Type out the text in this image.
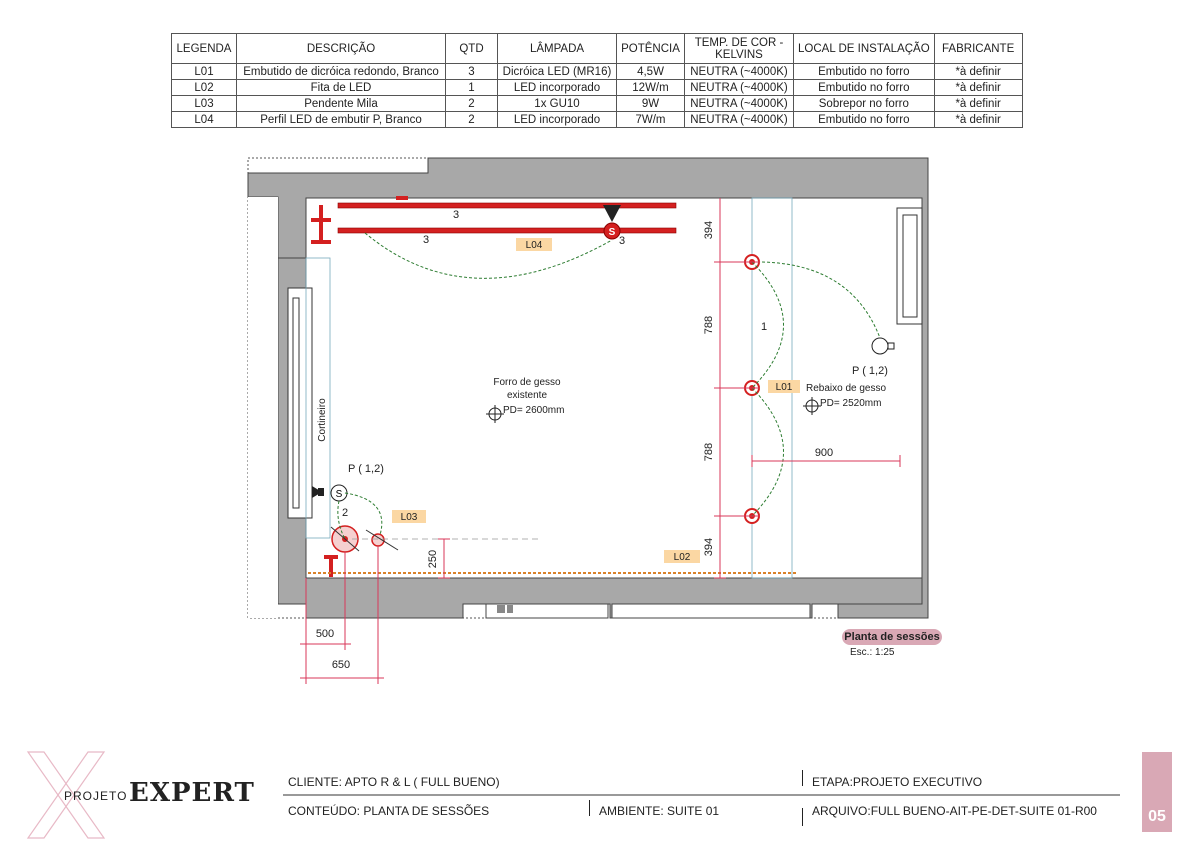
LEGENDA	DESCRIÇÃO	QTD	LÂMPADA	POTÊNCIA	TEMP. DE COR - KELVINS	LOCAL DE INSTALAÇÃO	FABRICANTE
L01	Embutido de dicróica redondo, Branco	3	Dicróica LED (MR16)	4,5W	NEUTRA (~4000K)	Embutido no forro	*à definir
L02	Fita de LED	1	LED incorporado	12W/m	NEUTRA (~4000K)	Embutido no forro	*à definir
L03	Pendente Mila	2	1x GU10	9W	NEUTRA (~4000K)	Sobrepor no forro	*à definir
L04	Perfil LED de embutir P, Branco	2	LED incorporado	7W/m	NEUTRA (~4000K)	Embutido no forro	*à definir
S
S
394
788
788
394
900
250
500
650
3
3	3
1
2
L04
L01
L03
L02
Forro de gesso
existente
PD= 2600mm
Rebaixo de gesso
PD= 2520mm
P ( 1,2)
P ( 1,2)
Cortineiro
Planta de sessões
Esc.: 1:25
PROJETO EXPERT	CLIENTE: APTO R & L ( FULL BUENO)	ETAPA:PROJETO EXECUTIVO
CONTEÚDO: PLANTA DE SESSÕES	AMBIENTE: SUITE 01	ARQUIVO:FULL BUENO-AIT-PE-DET-SUITE 01-R00	05
